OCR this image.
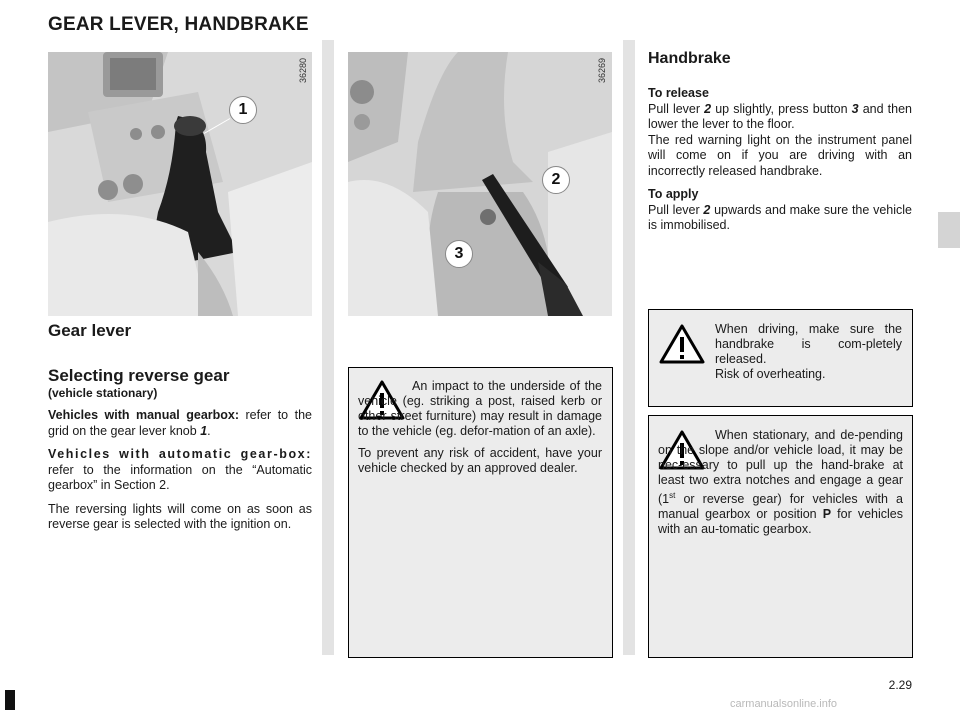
GEAR LEVER, HANDBRAKE
2.29
carmanualsonline.info
36280
1
36269
2
3
Gear lever
Selecting reverse gear
(vehicle stationary)

Vehicles with manual gearbox: refer to the grid on the gear lever knob 1.

Vehicles with automatic gear-box: refer to the information on the “Automatic gearbox” in Section 2.

The reversing lights will come on as soon as reverse gear is selected with the ignition on.

An impact to the underside of the vehicle (eg. striking a post, raised kerb or other street furniture) may result in damage to the vehicle (eg. defor-mation of an axle).

To prevent any risk of accident, have your vehicle checked by an approved dealer.

Handbrake
To release

Pull lever 2 up slightly, press button 3 and then lower the lever to the floor.
The red warning light on the instrument panel will come on if you are driving with an incorrectly released handbrake.

To apply

Pull lever 2 upwards and make sure the vehicle is immobilised.

When driving, make sure the handbrake is com-pletely released.
Risk of overheating.

When stationary, and de-pending on the slope and/or vehicle load, it may be nec-essary to pull up the hand-brake at least two extra notches and engage a gear (1st or reverse gear) for vehicles with a manual gearbox or position P for vehicles with an au-tomatic gearbox.
